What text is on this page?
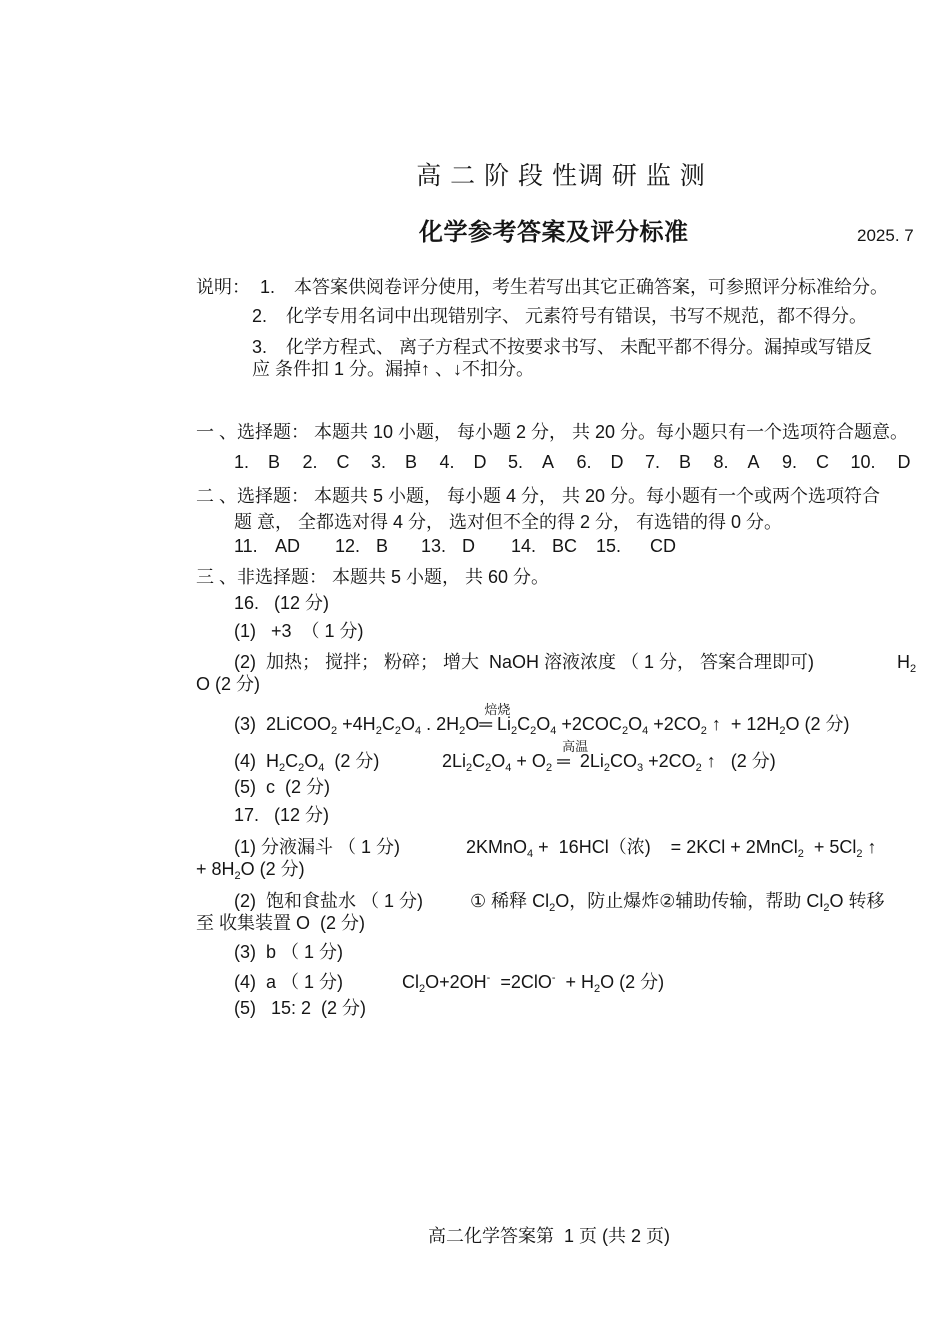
高 二 阶 段 性调 研 监 测
化学参考答案及评分标准	2025. 7
说明： 1. 本答案供阅卷评分使用，考生若写出其它正确答案，可参照评分标准给分。
2. 化学专用名词中出现错别字、 元素符号有错误，书写不规范，都不得分。
3. 化学方程式、 离子方程式不按要求书写、 未配平都不得分。漏掉或写错反
应 条件扣 1 分。漏掉↑ 、↓不扣分。
一 、选择题： 本题共 10 小题， 每小题 2 分， 共 20 分。每小题只有一个选项符合题意。
1. B	2. C	3. B	4. D	5. A	6. D	7. B	8. A	9. C	10. D
二 、选择题： 本题共 5 小题， 每小题 4 分， 共 20 分。每小题有一个或两个选项符合
题 意， 全都选对得 4 分， 选对但不全的得 2 分， 有选错的得 0 分。
11. AD	12. B	13. D	14. BC	15. CD
三 、非选择题： 本题共 5 小题， 共 60 分。
16.   (12 分)
(1)   +3  （ 1 分)
(2)  加热； 搅拌； 粉碎； 增大  NaOH 溶液浓度 （ 1 分， 答案合理即可)	$H_2$
O (2 分)
(3)  2LiCOO$_2$ $+4H_2C_2O_4$ . $2H_2O═$
焙烧
$Li_2C_2O_4 +2COC_2O_4 +2CO_2$ ↑  + $12H_2O$ (2 分)
(4)  $H_2C_2O_4$  (2 分)	$2Li_2C_2O_4 + O_2$ ═
高温
$2Li_2CO_3 +2CO_2$ ↑   (2 分)
(5)  c  (2 分)
17.   (12 分)
(1) 分液漏斗 （ 1 分)	2KMnO$_4$ +  16HCl（浓)    = 2KCl + 2MnCl$_2$  + $5Cl_2$ ↑
+ $8H_2O$ (2 分)
(2)  饱和食盐水 （ 1 分)	① 稀释 $Cl_2O$，防止爆炸②辅助传输，帮助 $Cl_2O$ 转移
至 收集装置 O  (2 分)
(3)  b （ 1 分)
(4)  a （ 1 分)	$Cl_2O+2OH^- =2ClO^- + H_2O$ (2 分)
(5)   15: 2  (2 分)
高二化学答案第  1 页 (共 2 页)
